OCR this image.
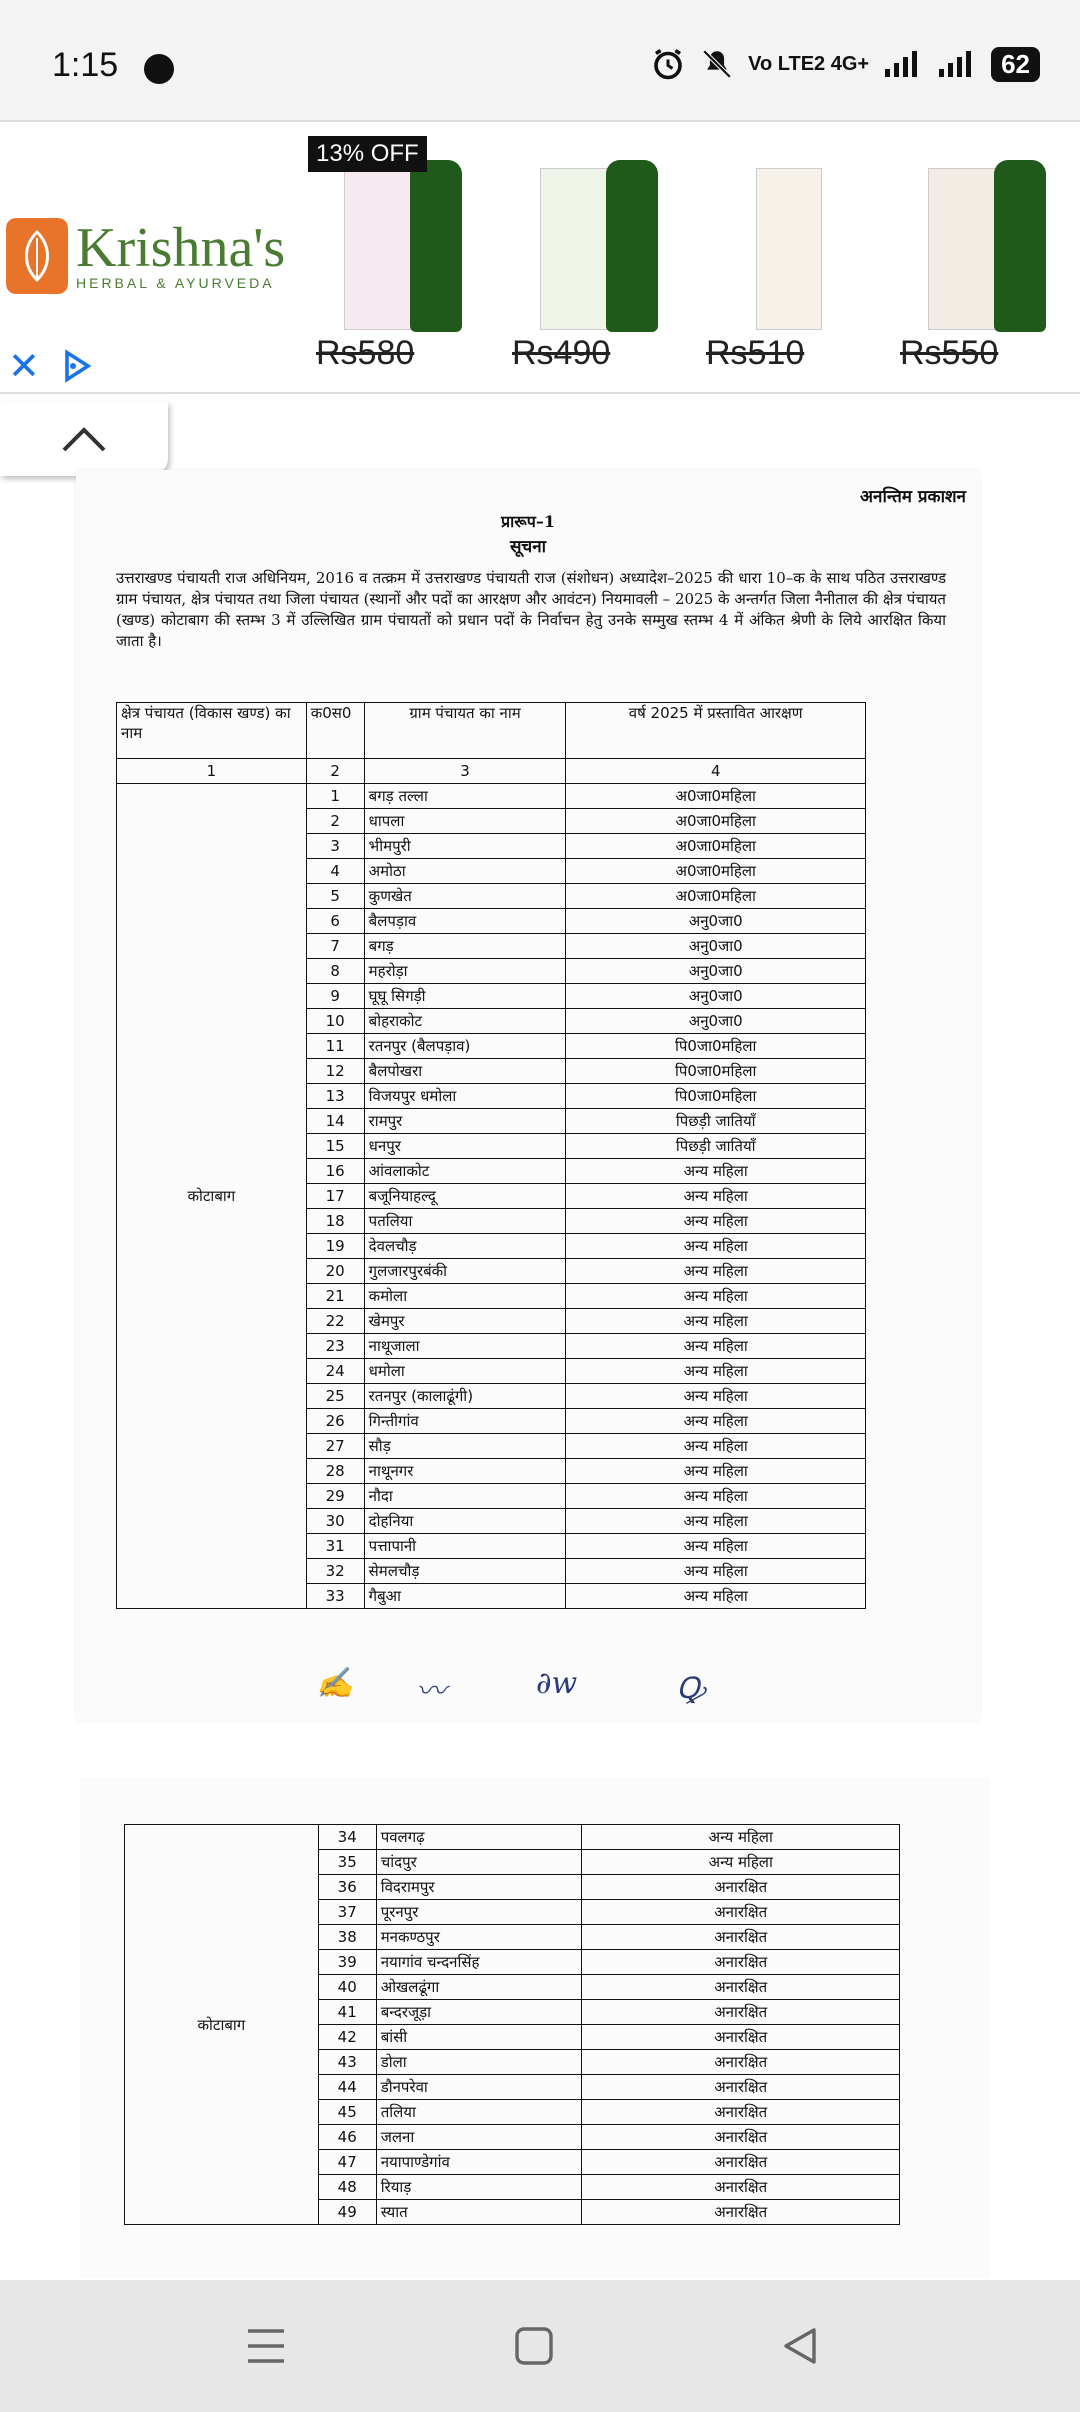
1:15	Vo LTE2 4G+	62
Krishna's
HERBAL & AYURVEDA
✕
13% OFF
Rs580	Rs490	Rs510	Rs550
अनन्तिम प्रकाशन
प्रारूप–1
सूचना
उत्तराखण्ड पंचायती राज अधिनियम, 2016 व तत्क्रम में उत्तराखण्ड पंचायती राज (संशोधन) अध्यादेश–2025 की धारा 10–क के साथ पठित उत्तराखण्ड ग्राम पंचायत, क्षेत्र पंचायत तथा जिला पंचायत (स्थानों और पदों का आरक्षण और आवंटन) नियमावली – 2025 के अन्तर्गत जिला नैनीताल की क्षेत्र पंचायत (खण्ड) कोटाबाग की स्तम्भ 3 में उल्लिखित ग्राम पंचायतों को प्रधान पदों के निर्वाचन हेतु उनके सम्मुख स्तम्भ 4 में अंकित श्रेणी के लिये आरक्षित किया जाता है।
क्षेत्र पंचायत (विकास खण्ड) का नाम	क0स0	ग्राम पंचायत का नाम	वर्ष 2025 में प्रस्तावित आरक्षण
1	2	3	4
कोटाबाग	1	बगड़ तल्ला	अ0जा0महिला
	2	धापला	अ0जा0महिला
	3	भीमपुरी	अ0जा0महिला
	4	अमोठा	अ0जा0महिला
	5	कुणखेत	अ0जा0महिला
	6	बैलपड़ाव	अनु0जा0
	7	बगड़	अनु0जा0
	8	महरोड़ा	अनु0जा0
	9	घूघू सिगड़ी	अनु0जा0
	10	बोहराकोट	अनु0जा0
	11	रतनपुर (बैलपड़ाव)	पि0जा0महिला
	12	बैलपोखरा	पि0जा0महिला
	13	विजयपुर धमोला	पि0जा0महिला
	14	रामपुर	पिछड़ी जातियॉं
	15	धनपुर	पिछड़ी जातियॉं
	16	आंवलाकोट	अन्य महिला
	17	बजूनियाहल्दू	अन्य महिला
	18	पतलिया	अन्य महिला
	19	देवलचौड़	अन्य महिला
	20	गुलजारपुरबंकी	अन्य महिला
	21	कमोला	अन्य महिला
	22	खेमपुर	अन्य महिला
	23	नाथूजाला	अन्य महिला
	24	धमोला	अन्य महिला
	25	रतनपुर (कालाढूंगी)	अन्य महिला
	26	गिन्तीगांव	अन्य महिला
	27	सौड़	अन्य महिला
	28	नाथूनगर	अन्य महिला
	29	नौदा	अन्य महिला
	30	दोहनिया	अन्य महिला
	31	पत्तापानी	अन्य महिला
	32	सेमलचौड़	अन्य महिला
	33	गैबुआ	अन्य महिला
✍ 〰	∂w	Ꝙ
कोटाबाग	34	पवलगढ़	अन्य महिला
	35	चांदपुर	अन्य महिला
	36	विदरामपुर	अनारक्षित
	37	पूरनपुर	अनारक्षित
	38	मनकण्ठपुर	अनारक्षित
	39	नयागांव चन्दनसिंह	अनारक्षित
	40	ओखलढूंगा	अनारक्षित
	41	बन्दरजूड़ा	अनारक्षित
	42	बांसी	अनारक्षित
	43	डोला	अनारक्षित
	44	डौनपरेवा	अनारक्षित
	45	तलिया	अनारक्षित
	46	जलना	अनारक्षित
	47	नयापाण्डेगांव	अनारक्षित
	48	रियाड़	अनारक्षित
	49	स्यात	अनारक्षित
